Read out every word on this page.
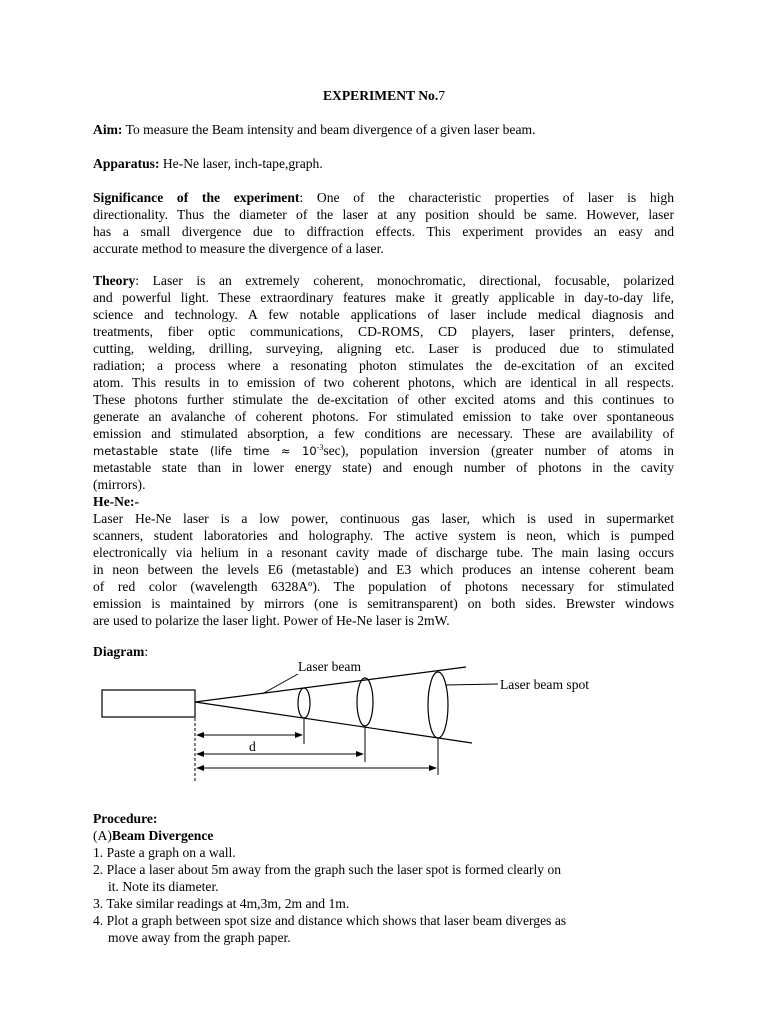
EXPERIMENT No.7
Aim: To measure the Beam intensity and beam divergence of a given laser beam.
Apparatus: He-Ne laser, inch-tape,graph.
Significance of the experiment: One of the characteristic properties of laser is high
directionality. Thus the diameter of the laser at any position should be same. However, laser
has a small divergence due to diffraction effects. This experiment provides an easy and
accurate method to measure the divergence of a laser.
Theory: Laser is an extremely coherent, monochromatic, directional, focusable, polarized
and powerful light. These extraordinary features make it greatly applicable in day-to-day life,
science and technology. A few notable applications of laser include medical diagnosis and
treatments, fiber optic communications, CD-ROMS, CD players, laser printers, defense,
cutting, welding, drilling, surveying, aligning etc. Laser is produced due to stimulated
radiation; a process where a resonating photon stimulates the de-excitation of an excited
atom. This results in to emission of two coherent photons, which are identical in all respects.
These photons further stimulate the de-excitation of other excited atoms and this continues to
generate an avalanche of coherent photons. For stimulated emission to take over spontaneous
emission and stimulated absorption, a few conditions are necessary. These are availability of
metastable state (life time ≈ $10^{-3}\sec$), population inversion (greater number of atoms in
metastable state than in lower energy state) and enough number of photons in the cavity
(mirrors).
He-Ne:-
Laser He-Ne laser is a low power, continuous gas laser, which is used in supermarket
scanners, student laboratories and holography. The active system is neon, which is pumped
electronically via helium in a resonant cavity made of discharge tube. The main lasing occurs
in neon between the levels E6 (metastable) and E3 which produces an intense coherent beam
of red color (wavelength 6328Aº). The population of photons necessary for stimulated
emission is maintained by mirrors (one is semitransparent) on both sides. Brewster windows
are used to polarize the laser light. Power of He-Ne laser is 2mW.
Diagram:
Laser beam
Laser beam spot
d
Procedure:
(A)Beam Divergence
1. Paste a graph on a wall.
2. Place a laser about 5m away from the graph such the laser spot is formed clearly on
it. Note its diameter.
3. Take similar readings at 4m,3m, 2m and 1m.
4. Plot a graph between spot size and distance which shows that laser beam diverges as
move away from the graph paper.
